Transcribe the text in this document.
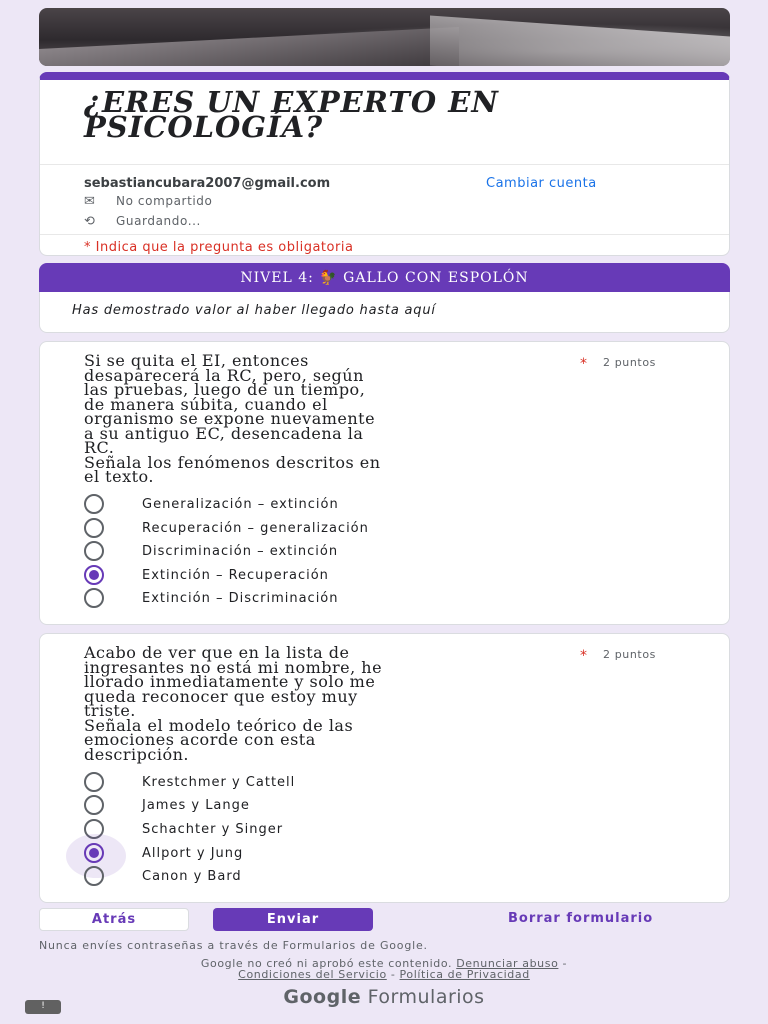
¿ERES UN EXPERTO EN PSICOLOGÍA?
sebastiancubara2007@gmail.com	Cambiar cuenta
✉ No compartido
⟲ Guardando...
* Indica que la pregunta es obligatoria
NIVEL 4: 🐓 GALLO CON ESPOLÓN
Has demostrado valor al haber llegado hasta aquí
Si se quita el EI, entonces
desaparecerá la RC, pero, según
las pruebas, luego de un tiempo,
de manera súbita, cuando el
organismo se expone nuevamente
a su antiguo EC, desencadena la
RC.
Señala los fenómenos descritos en
el texto.
* 2 puntos
Generalización – extinción
Recuperación – generalización
Discriminación – extinción
Extinción – Recuperación
Extinción – Discriminación
Acabo de ver que en la lista de
ingresantes no está mi nombre, he
llorado inmediatamente y solo me
queda reconocer que estoy muy
triste.
Señala el modelo teórico de las
emociones acorde con esta
descripción.
* 2 puntos
Krestchmer y Cattell
James y Lange
Schachter y Singer
Allport y Jung
Canon y Bard
Atrás	Enviar	Borrar formulario
Nunca envíes contraseñas a través de Formularios de Google.
Google no creó ni aprobó este contenido. Denunciar abuso -
Condiciones del Servicio - Política de Privacidad
Google Formularios
!
